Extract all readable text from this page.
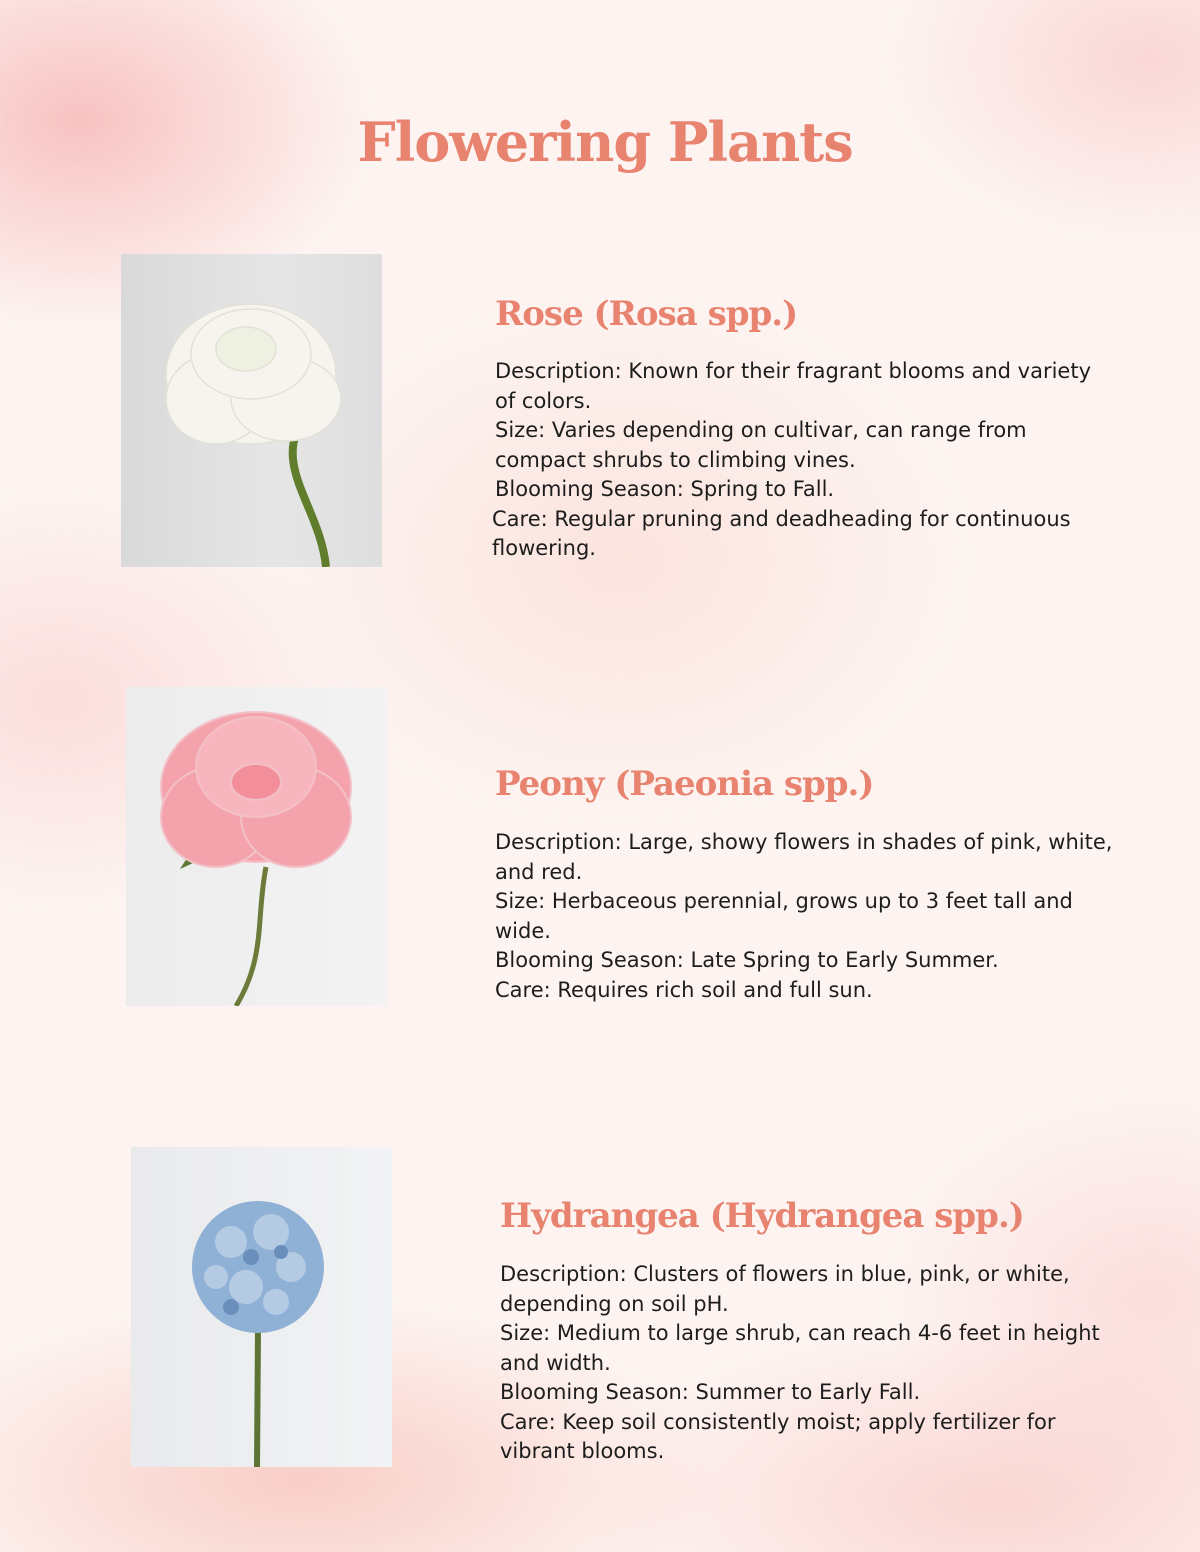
Flowering Plants
Rose (Rosa spp.)

Description: Known for their fragrant blooms and variety of colors.

Size: Varies depending on cultivar, can range from compact shrubs to climbing vines.

Blooming Season: Spring to Fall.

Care: Regular pruning and deadheading for continuous flowering.

Peony (Paeonia spp.)

Description: Large, showy flowers in shades of pink, white, and red.

Size: Herbaceous perennial, grows up to 3 feet tall and wide.

Blooming Season: Late Spring to Early Summer.

Care: Requires rich soil and full sun.

Hydrangea (Hydrangea spp.)

Description: Clusters of flowers in blue, pink, or white, depending on soil pH.

Size: Medium to large shrub, can reach 4-6 feet in height and width.

Blooming Season: Summer to Early Fall.

Care: Keep soil consistently moist; apply fertilizer for vibrant blooms.
